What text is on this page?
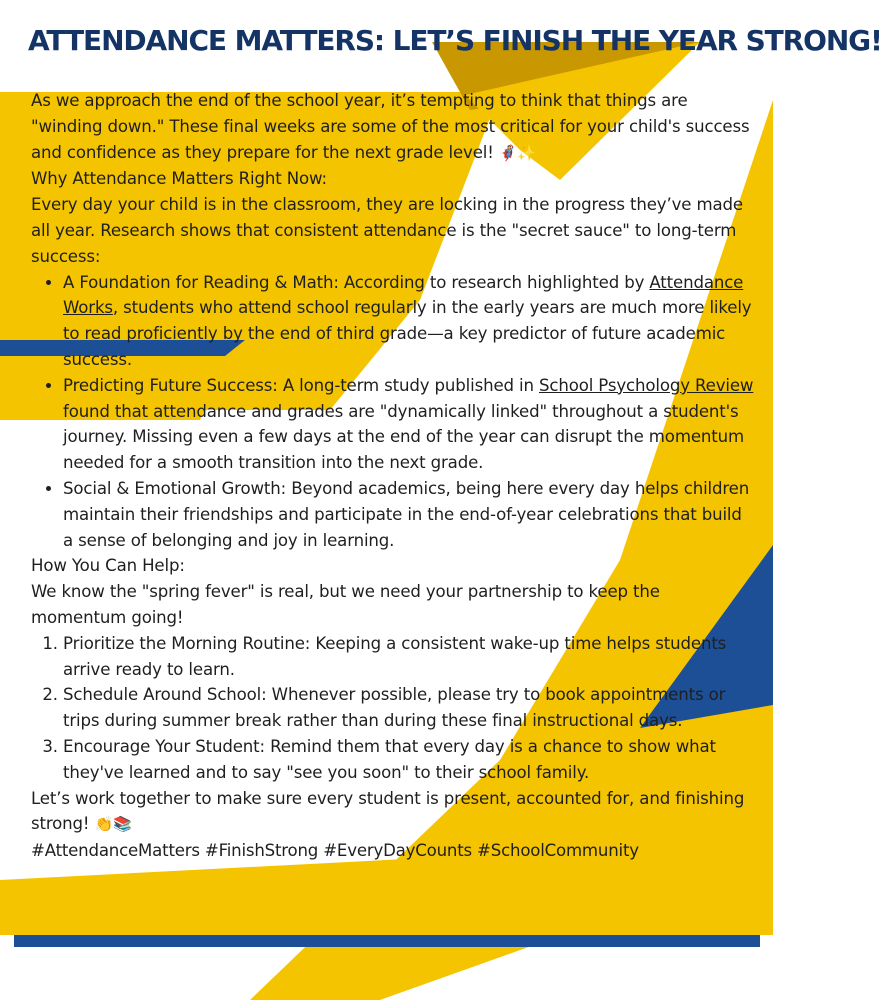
ATTENDANCE MATTERS: LET’S FINISH THE YEAR STRONG!

As we approach the end of the school year, it’s tempting to think that things are "winding down." These final weeks are some of the most critical for your child's success and confidence as they prepare for the next grade level! 🦸✨

Why Attendance Matters Right Now:

Every day your child is in the classroom, they are locking in the progress they’ve made all year. Research shows that consistent attendance is the "secret sauce" to long-term success:

• A Foundation for Reading & Math: According to research highlighted by Attendance Works, students who attend school regularly in the early years are much more likely to read proficiently by the end of third grade—a key predictor of future academic success.
• Predicting Future Success: A long-term study published in School Psychology Review found that attendance and grades are "dynamically linked" throughout a student's journey. Missing even a few days at the end of the year can disrupt the momentum needed for a smooth transition into the next grade.
• Social & Emotional Growth: Beyond academics, being here every day helps children maintain their friendships and participate in the end-of-year celebrations that build a sense of belonging and joy in learning.

How You Can Help:

We know the "spring fever" is real, but we need your partnership to keep the momentum going!

1. Prioritize the Morning Routine: Keeping a consistent wake-up time helps students arrive ready to learn.
2. Schedule Around School: Whenever possible, please try to book appointments or trips during summer break rather than during these final instructional days.
3. Encourage Your Student: Remind them that every day is a chance to show what they've learned and to say "see you soon" to their school family.

Let’s work together to make sure every student is present, accounted for, and finishing strong! 👏📚

#AttendanceMatters #FinishStrong #EveryDayCounts #SchoolCommunity
